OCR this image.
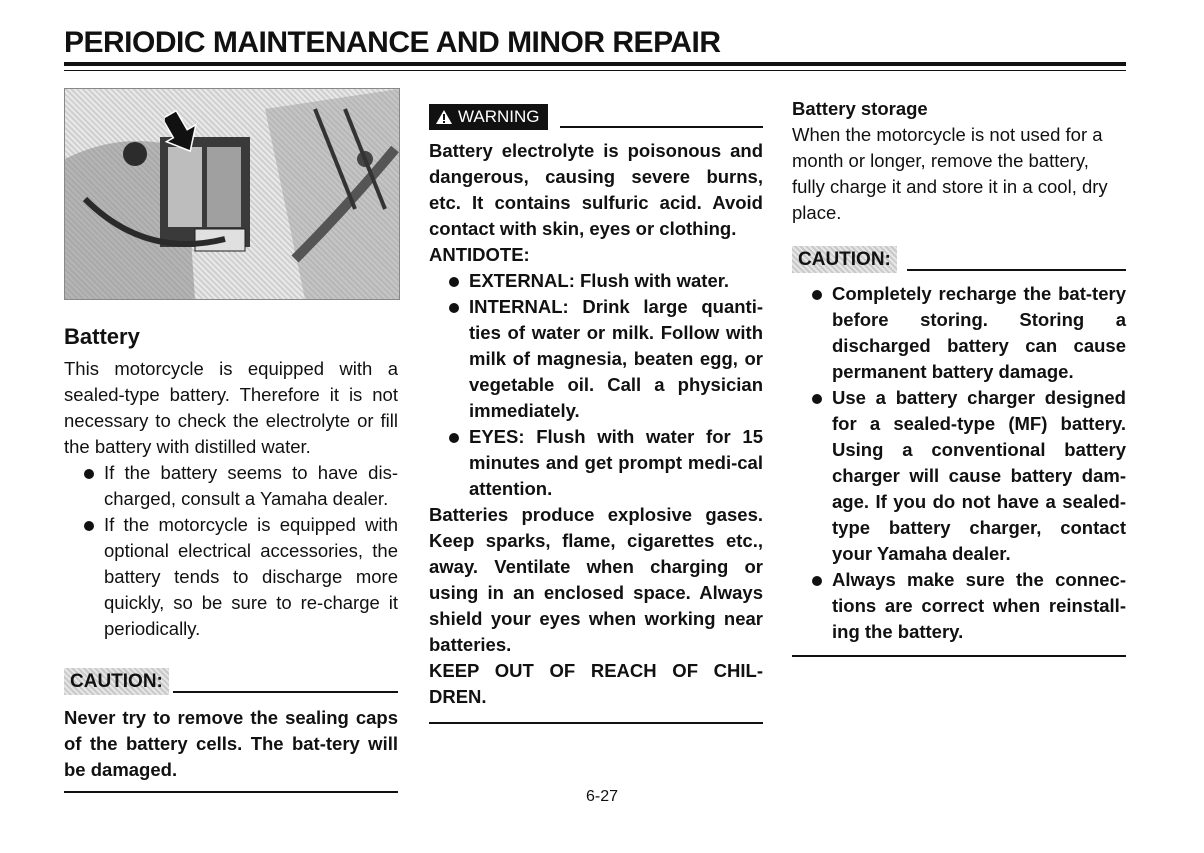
PERIODIC MAINTENANCE AND MINOR REPAIR
Battery

This motorcycle is equipped with a sealed-type battery. Therefore it is not necessary to check the electrolyte or fill the battery with distilled water.

If the battery seems to have dis-charged, consult a Yamaha dealer.
If the motorcycle is equipped with optional electrical accessories, the battery tends to discharge more quickly, so be sure to re-charge it periodically.
CAUTION:

Never try to remove the sealing caps of the battery cells. The bat-tery will be damaged.

WARNING

Battery electrolyte is poisonous and dangerous, causing severe burns, etc. It contains sulfuric acid. Avoid contact with skin, eyes or clothing.

ANTIDOTE:

EXTERNAL: Flush with water.
INTERNAL: Drink large quanti-ties of water or milk. Follow with milk of magnesia, beaten egg, or vegetable oil. Call a physician immediately.
EYES: Flush with water for 15 minutes and get prompt medi-cal attention.

Batteries produce explosive gases. Keep sparks, flame, cigarettes etc., away. Ventilate when charging or using in an enclosed space. Always shield your eyes when working near batteries.

KEEP OUT OF REACH OF CHIL-DREN.

Battery storage

When the motorcycle is not used for a month or longer, remove the battery, fully charge it and store it in a cool, dry place.

CAUTION:
Completely recharge the bat-tery before storing. Storing a discharged battery can cause permanent battery damage.
Use a battery charger designed for a sealed-type (MF) battery. Using a conventional battery charger will cause battery dam-age. If you do not have a sealed-type battery charger, contact your Yamaha dealer.
Always make sure the connec-tions are correct when reinstall-ing the battery.
6-27
